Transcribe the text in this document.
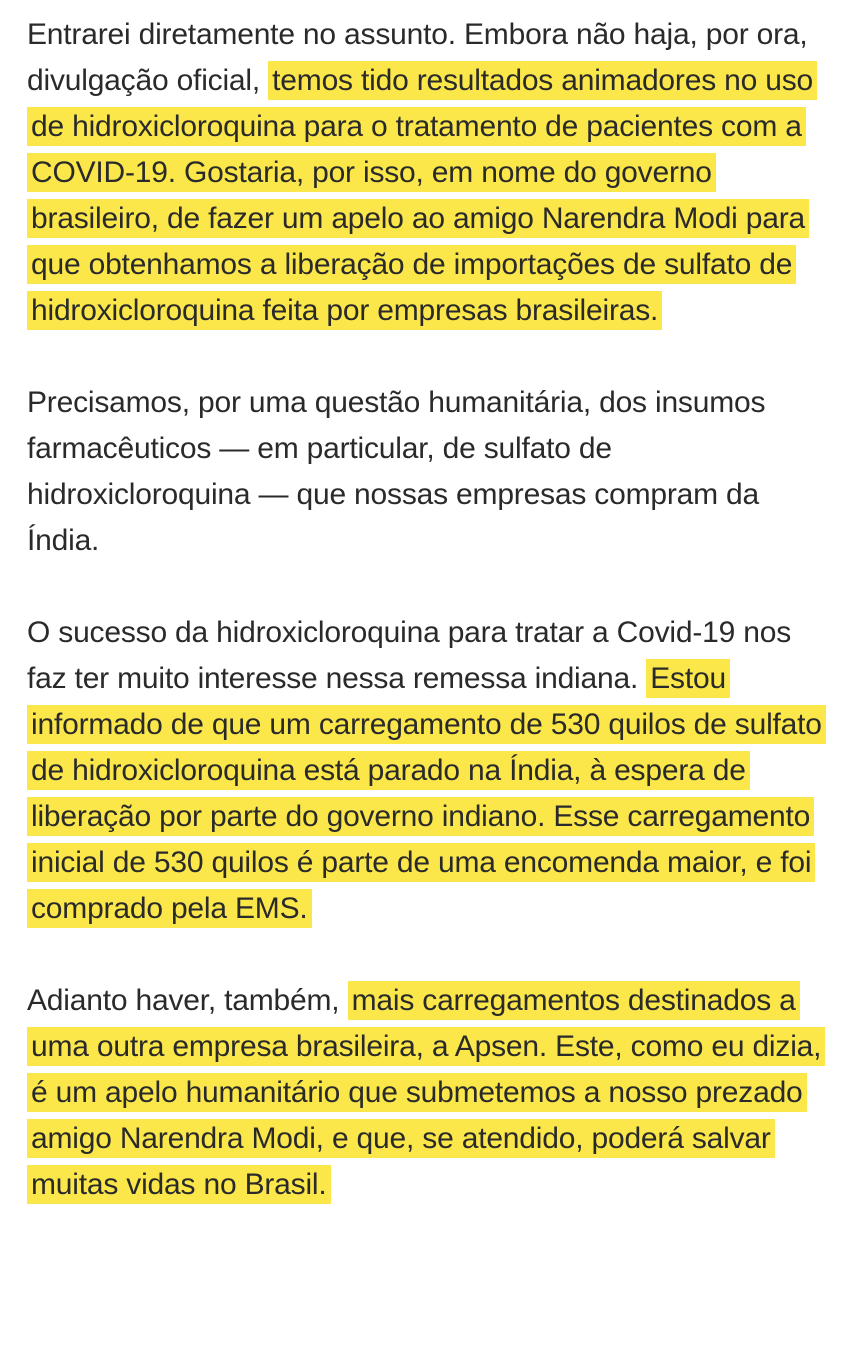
Entrarei diretamente no assunto. Embora não haja, por ora, divulgação oficial, temos tido resultados animadores no uso de hidroxicloroquina para o tratamento de pacientes com a COVID-19. Gostaria, por isso, em nome do governo brasileiro, de fazer um apelo ao amigo Narendra Modi para que obtenhamos a liberação de importações de sulfato de hidroxicloroquina feita por empresas brasileiras.

Precisamos, por uma questão humanitária, dos insumos farmacêuticos — em particular, de sulfato de hidroxicloroquina — que nossas empresas compram da Índia.

O sucesso da hidroxicloroquina para tratar a Covid-19 nos faz ter muito interesse nessa remessa indiana. Estou informado de que um carregamento de 530 quilos de sulfato de hidroxicloroquina está parado na Índia, à espera de liberação por parte do governo indiano. Esse carregamento inicial de 530 quilos é parte de uma encomenda maior, e foi comprado pela EMS.

Adianto haver, também, mais carregamentos destinados a uma outra empresa brasileira, a Apsen. Este, como eu dizia, é um apelo humanitário que submetemos a nosso prezado amigo Narendra Modi, e que, se atendido, poderá salvar muitas vidas no Brasil.
